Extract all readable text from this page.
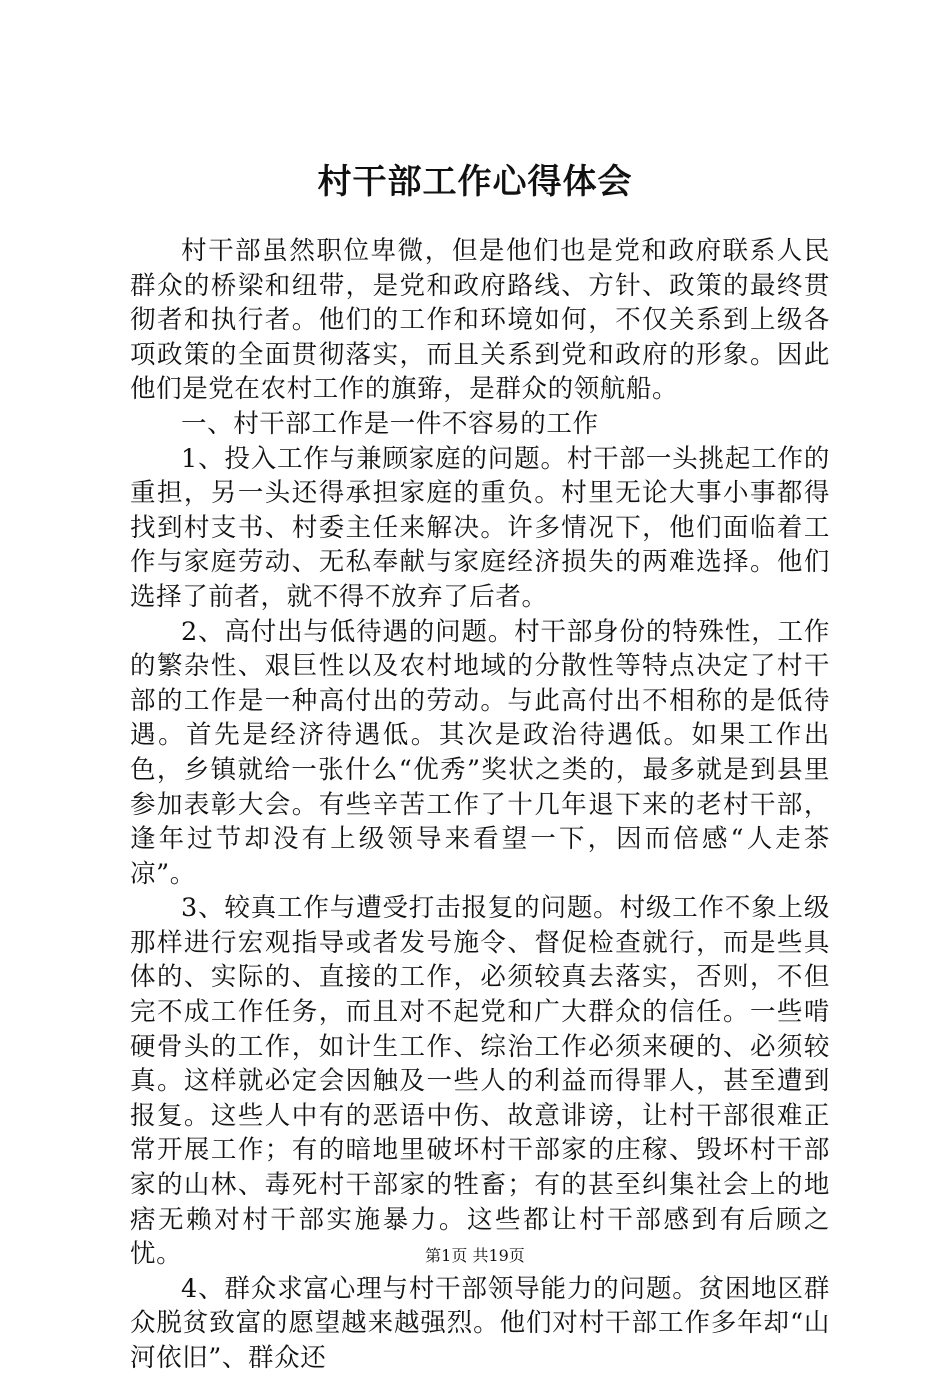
村干部工作心得体会

村干部虽然职位卑微，但是他们也是党和政府联系人民群众的桥梁和纽带，是党和政府路线、方针、政策的最终贯彻者和执行者。他们的工作和环境如何，不仅关系到上级各项政策的全面贯彻落实，而且关系到党和政府的形象。因此他们是党在农村工作的旗臶，是群众的领航船。

一、村干部工作是一件不容易的工作

1、投入工作与兼顾家庭的问题。村干部一头挑起工作的重担，另一头还得承担家庭的重负。村里无论大事小事都得找到村支书、村委主任来解决。许多情况下，他们面临着工作与家庭劳动、无私奉献与家庭经济损失的两难选择。他们选择了前者，就不得不放弃了后者。

2、高付出与低待遇的问题。村干部身份的特殊性，工作的繁杂性、艰巨性以及农村地域的分散性等特点决定了村干部的工作是一种高付出的劳动。与此高付出不相称的是低待遇。首先是经济待遇低。其次是政治待遇低。如果工作出色，乡镇就给一张什么“优秀”奖状之类的，最多就是到县里参加表彰大会。有些辛苦工作了十几年退下来的老村干部，逢年过节却没有上级领导来看望一下，因而倍感“人走茶凉”。

3、较真工作与遭受打击报复的问题。村级工作不象上级那样进行宏观指导或者发号施令、督促检查就行，而是些具体的、实际的、直接的工作，必须较真去落实，否则，不但完不成工作任务，而且对不起党和广大群众的信任。一些啃硬骨头的工作，如计生工作、综治工作必须来硬的、必须较真。这样就必定会因触及一些人的利益而得罪人，甚至遭到报复。这些人中有的恶语中伤、故意诽谤，让村干部很难正常开展工作；有的暗地里破坏村干部家的庄稼、毁坏村干部家的山林、毒死村干部家的牲畜；有的甚至纠集社会上的地痞无赖对村干部实施暴力。这些都让村干部感到有后顾之忧。

4、群众求富心理与村干部领导能力的问题。贫困地区群众脱贫致富的愿望越来越强烈。他们对村干部工作多年却“山河依旧”、群众还

第1页 共19页
